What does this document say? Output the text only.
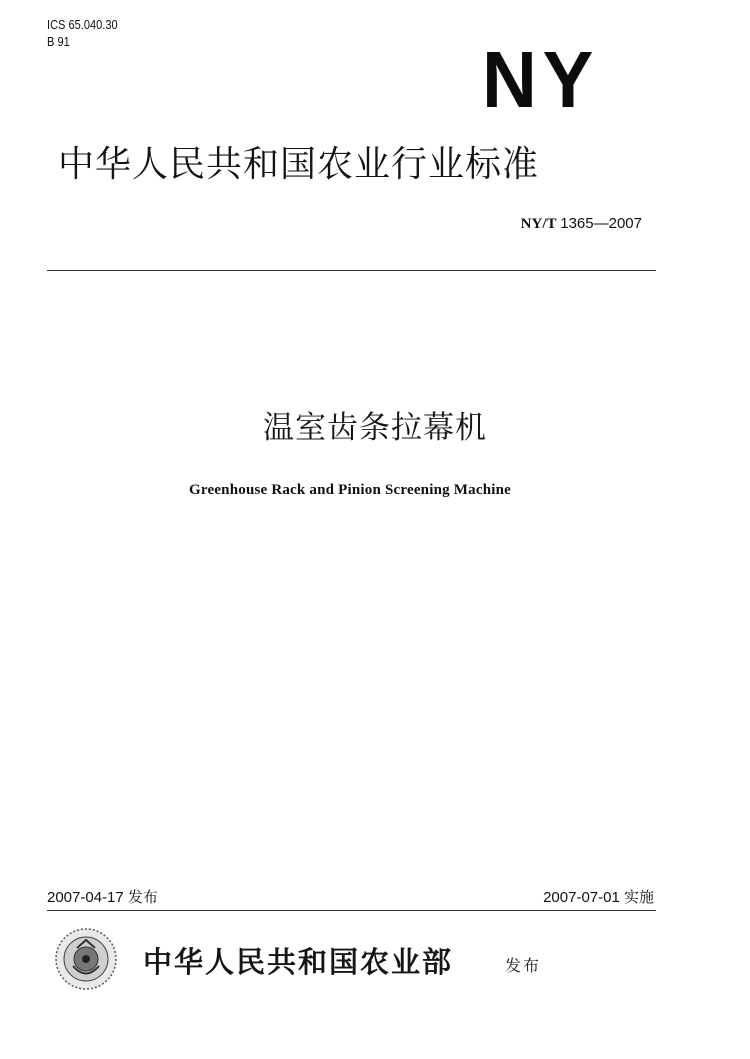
ICS 65.040.30
B 91	NY
中华人民共和国农业行业标准
NY/T 1365—2007
温室齿条拉幕机
Greenhouse Rack and Pinion Screening Machine
2007-04-17 发布	2007-07-01 实施
中华人民共和国农业部	发布
